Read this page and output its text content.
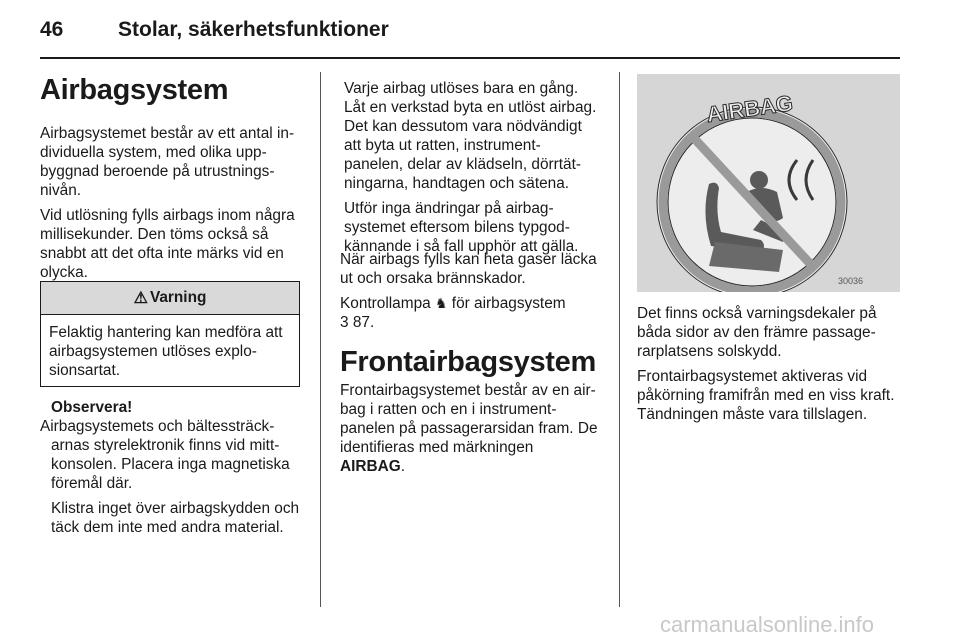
46	Stolar, säkerhetsfunktioner
Airbagsystem

Airbagsystemet består av ett antal in-
dividuella system, med olika upp-
byggnad beroende på utrustnings-
nivån.

Vid utlösning fylls airbags inom några
millisekunder. Den töms också så
snabbt att det ofta inte märks vid en
olycka.

⚠ Varning
Felaktig hantering kan medföra att
airbagsystemen utlöses explo-
sionsartat.

Observera!

Airbagsystemets och bältessträck-
arnas styrelektronik finns vid mitt-
konsolen. Placera inga magnetiska
föremål där.

Klistra inget över airbagskydden och
täck dem inte med andra material.

Varje airbag utlöses bara en gång.
Låt en verkstad byta en utlöst airbag.
Det kan dessutom vara nödvändigt
att byta ut ratten, instrument-
panelen, delar av klädseln, dörrtät-
ningarna, handtagen och sätena.

Utför inga ändringar på airbag-
systemet eftersom bilens typgod-
kännande i så fall upphör att gälla.

När airbags fylls kan heta gaser läcka
ut och orsaka brännskador.

Kontrollampa ♞ för airbagsystem
3 87.

Frontairbagsystem

Frontairbagsystemet består av en air-
bag i ratten och en i instrument-
panelen på passagerarsidan fram. De
identifieras med märkningen
AIRBAG.

AIRBAG
30036

Det finns också varningsdekaler på
båda sidor av den främre passage-
rarplatsens solskydd.

Frontairbagsystemet aktiveras vid
påkörning framifrån med en viss kraft.
Tändningen måste vara tillslagen.

carmanualsonline.info
